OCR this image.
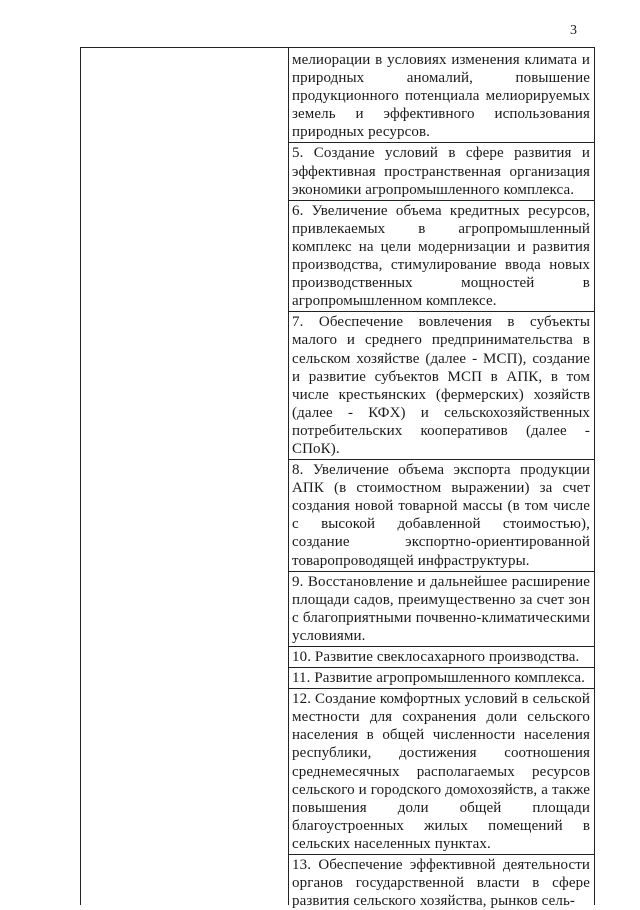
3

мелиорации в условиях изменения климата и природных аномалий, повышение продукционного потенциала мелиорируемых земель и эффективного использования природных ресурсов.

5. Создание условий в сфере развития и эффективная пространственная организация экономики агропромышленного комплекса.

6. Увеличение объема кредитных ресурсов, привлекаемых в агропромышленный комплекс на цели модернизации и развития производства, стимулирование ввода новых производственных мощностей в агропромышленном комплексе.

7. Обеспечение вовлечения в субъекты малого и среднего предпринимательства в сельском хозяйстве (далее - МСП), создание и развитие субъектов МСП в АПК, в том числе крестьянских (фермерских) хозяйств (далее - КФХ) и сельскохозяйственных потребительских кооперативов (далее - СПоК).

8. Увеличение объема экспорта продукции АПК (в стоимостном выражении) за счет создания новой товарной массы (в том числе с высокой добавленной стоимостью), создание экспортно-ориентированной товаропроводящей инфраструктуры.

9. Восстановление и дальнейшее расширение площади садов, преимущественно за счет зон с благоприятными почвенно-климатическими условиями.

10. Развитие свеклосахарного производства.

11. Развитие агропромышленного комплекса.

12. Создание комфортных условий в сельской местности для сохранения доли сельского населения в общей численности населения республики, достижения соотношения среднемесячных располагаемых ресурсов сельского и городского домохозяйств, а также повышения доли общей площади благоустроенных жилых помещений в сельских населенных пунктах.

13. Обеспечение эффективной деятельности органов государственной власти в сфере развития сельского хозяйства, рынков сель-
